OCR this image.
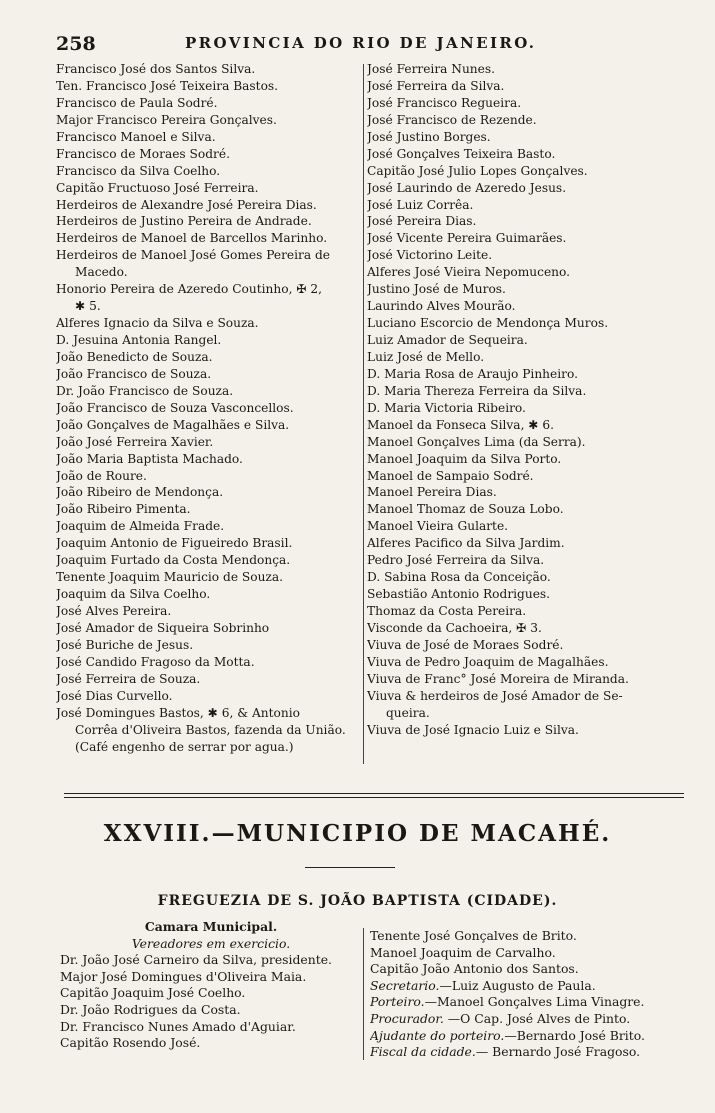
258	PROVINCIA DO RIO DE JANEIRO.
Francisco José dos Santos Silva.
Ten. Francisco José Teixeira Bastos.
Francisco de Paula Sodré.
Major Francisco Pereira Gonçalves.
Francisco Manoel e Silva.
Francisco de Moraes Sodré.
Francisco da Silva Coelho.
Capitão Fructuoso José Ferreira.
Herdeiros de Alexandre José Pereira Dias.
Herdeiros de Justino Pereira de Andrade.
Herdeiros de Manoel de Barcellos Marinho.
Herdeiros de Manoel José Gomes Pereira de
Macedo.
Honorio Pereira de Azeredo Coutinho, ✠ 2,
✱ 5.
Alferes Ignacio da Silva e Souza.
D. Jesuina Antonia Rangel.
João Benedicto de Souza.
João Francisco de Souza.
Dr. João Francisco de Souza.
João Francisco de Souza Vasconcellos.
João Gonçalves de Magalhães e Silva.
João José Ferreira Xavier.
João Maria Baptista Machado.
João de Roure.
João Ribeiro de Mendonça.
João Ribeiro Pimenta.
Joaquim de Almeida Frade.
Joaquim Antonio de Figueiredo Brasil.
Joaquim Furtado da Costa Mendonça.
Tenente Joaquim Mauricio de Souza.
Joaquim da Silva Coelho.
José Alves Pereira.
José Amador de Siqueira Sobrinho
José Buriche de Jesus.
José Candido Fragoso da Motta.
José Ferreira de Souza.
José Dias Curvello.
José Domingues Bastos, ✱ 6, & Antonio
Corrêa d'Oliveira Bastos, fazenda da União.
(Café engenho de serrar por agua.)
José Ferreira Nunes.
José Ferreira da Silva.
José Francisco Regueira.
José Francisco de Rezende.
José Justino Borges.
José Gonçalves Teixeira Basto.
Capitão José Julio Lopes Gonçalves.
José Laurindo de Azeredo Jesus.
José Luiz Corrêa.
José Pereira Dias.
José Vicente Pereira Guimarães.
José Victorino Leite.
Alferes José Vieira Nepomuceno.
Justino José de Muros.
Laurindo Alves Mourão.
Luciano Escorcio de Mendonça Muros.
Luiz Amador de Sequeira.
Luiz José de Mello.
D. Maria Rosa de Araujo Pinheiro.
D. Maria Thereza Ferreira da Silva.
D. Maria Victoria Ribeiro.
Manoel da Fonseca Silva, ✱ 6.
Manoel Gonçalves Lima (da Serra).
Manoel Joaquim da Silva Porto.
Manoel de Sampaio Sodré.
Manoel Pereira Dias.
Manoel Thomaz de Souza Lobo.
Manoel Vieira Gularte.
Alferes Pacifico da Silva Jardim.
Pedro José Ferreira da Silva.
D. Sabina Rosa da Conceição.
Sebastião Antonio Rodrigues.
Thomaz da Costa Pereira.
Visconde da Cachoeira, ✠ 3.
Viuva de José de Moraes Sodré.
Viuva de Pedro Joaquim de Magalhães.
Viuva de Franc° José Moreira de Miranda.
Viuva & herdeiros de José Amador de Se-
queira.
Viuva de José Ignacio Luiz e Silva.
XXVIII.—MUNICIPIO DE MACAHÉ.
FREGUEZIA DE S. JOÃO BAPTISTA (CIDADE).
Camara Municipal.
Vereadores em exercicio.
Dr. João José Carneiro da Silva, presidente.
Major José Domingues d'Oliveira Maia.
Capitão Joaquim José Coelho.
Dr. João Rodrigues da Costa.
Dr. Francisco Nunes Amado d'Aguiar.
Capitão Rosendo José.
Tenente José Gonçalves de Brito.
Manoel Joaquim de Carvalho.
Capitão João Antonio dos Santos.
Secretario.—Luiz Augusto de Paula.
Porteiro.—Manoel Gonçalves Lima Vinagre.
Procurador. —O Cap. José Alves de Pinto.
Ajudante do porteiro.—Bernardo José Brito.
Fiscal da cidade.— Bernardo José Fragoso.
